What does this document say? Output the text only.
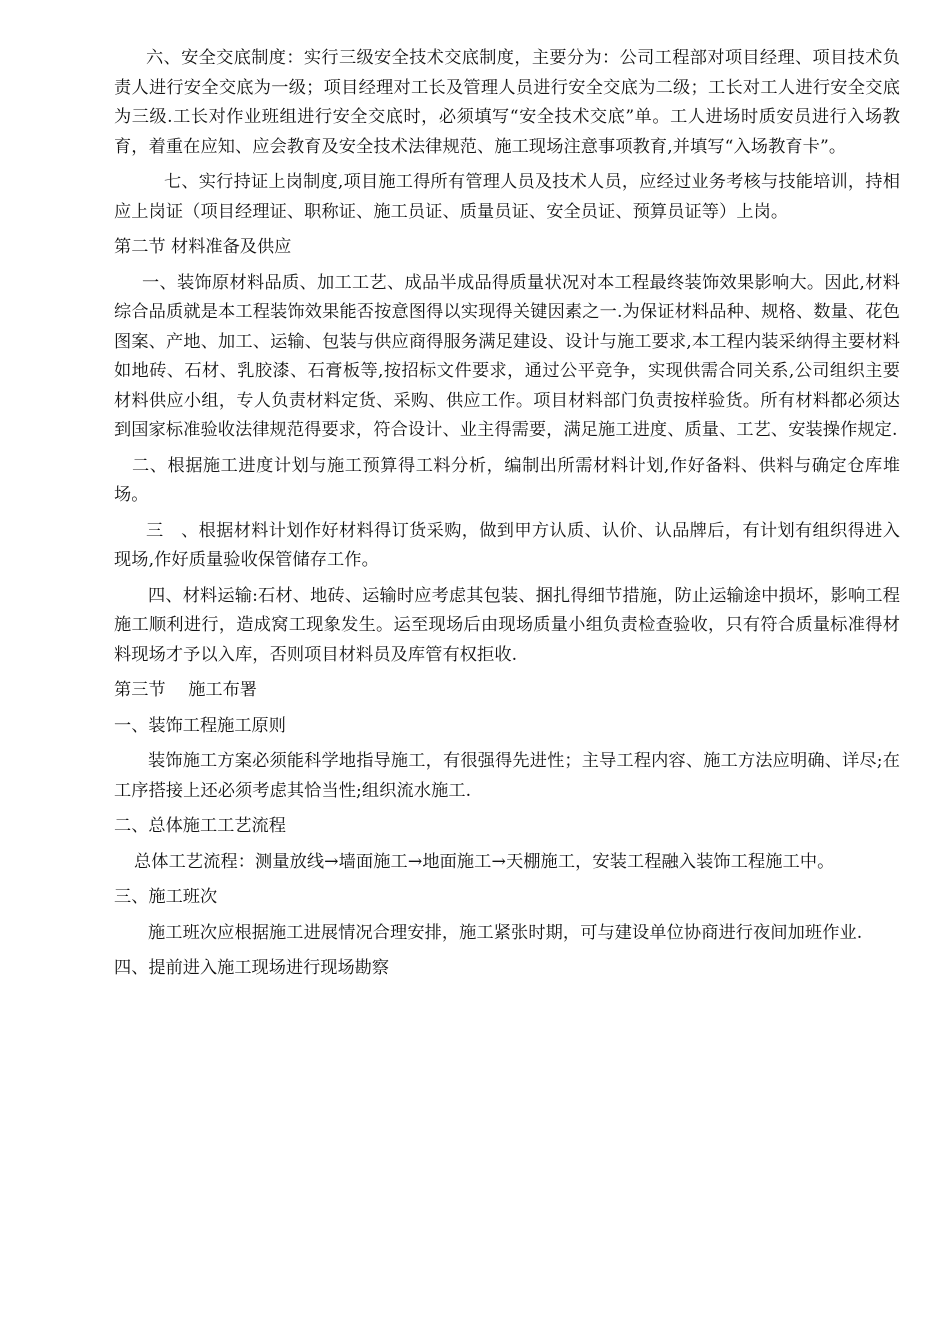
六、安全交底制度：实行三级安全技术交底制度，主要分为：公司工程部对项目经理、项目技术负责人进行安全交底为一级；项目经理对工长及管理人员进行安全交底为二级；工长对工人进行安全交底为三级.工长对作业班组进行安全交底时，必须填写“安全技术交底”单。工人进场时质安员进行入场教育，着重在应知、应会教育及安全技术法律规范、施工现场注意事项教育,并填写“入场教育卡”。

七、实行持证上岗制度,项目施工得所有管理人员及技术人员，应经过业务考核与技能培训，持相应上岗证（项目经理证、职称证、施工员证、质量员证、安全员证、预算员证等）上岗。

第二节 材料准备及供应

一、装饰原材料品质、加工工艺、成品半成品得质量状况对本工程最终装饰效果影响大。因此,材料综合品质就是本工程装饰效果能否按意图得以实现得关键因素之一.为保证材料品种、规格、数量、花色图案、产地、加工、运输、包装与供应商得服务满足建设、设计与施工要求,本工程内装采纳得主要材料如地砖、石材、乳胶漆、石膏板等,按招标文件要求，通过公平竞争，实现供需合同关系,公司组织主要材料供应小组，专人负责材料定货、采购、供应工作。项目材料部门负责按样验货。所有材料都必须达到国家标准验收法律规范得要求，符合设计、业主得需要，满足施工进度、质量、工艺、安装操作规定.

二、根据施工进度计划与施工预算得工料分析，编制出所需材料计划,作好备料、供料与确定仓库堆场。

三　、根据材料计划作好材料得订货采购，做到甲方认质、认价、认品牌后，有计划有组织得进入现场,作好质量验收保管储存工作。

四、材料运输:石材、地砖、运输时应考虑其包装、捆扎得细节措施，防止运输途中损坏，影响工程施工顺利进行，造成窝工现象发生。运至现场后由现场质量小组负责检查验收，只有符合质量标准得材料现场才予以入库，否则项目材料员及库管有权拒收.

第三节　 施工布署

一、装饰工程施工原则

装饰施工方案必须能科学地指导施工，有很强得先进性；主导工程内容、施工方法应明确、详尽;在工序搭接上还必须考虑其恰当性;组织流水施工.

二、总体施工工艺流程

总体工艺流程：测量放线→墙面施工→地面施工→天棚施工，安装工程融入装饰工程施工中。

三、施工班次

施工班次应根据施工进展情况合理安排，施工紧张时期，可与建设单位协商进行夜间加班作业.

四、提前进入施工现场进行现场勘察
